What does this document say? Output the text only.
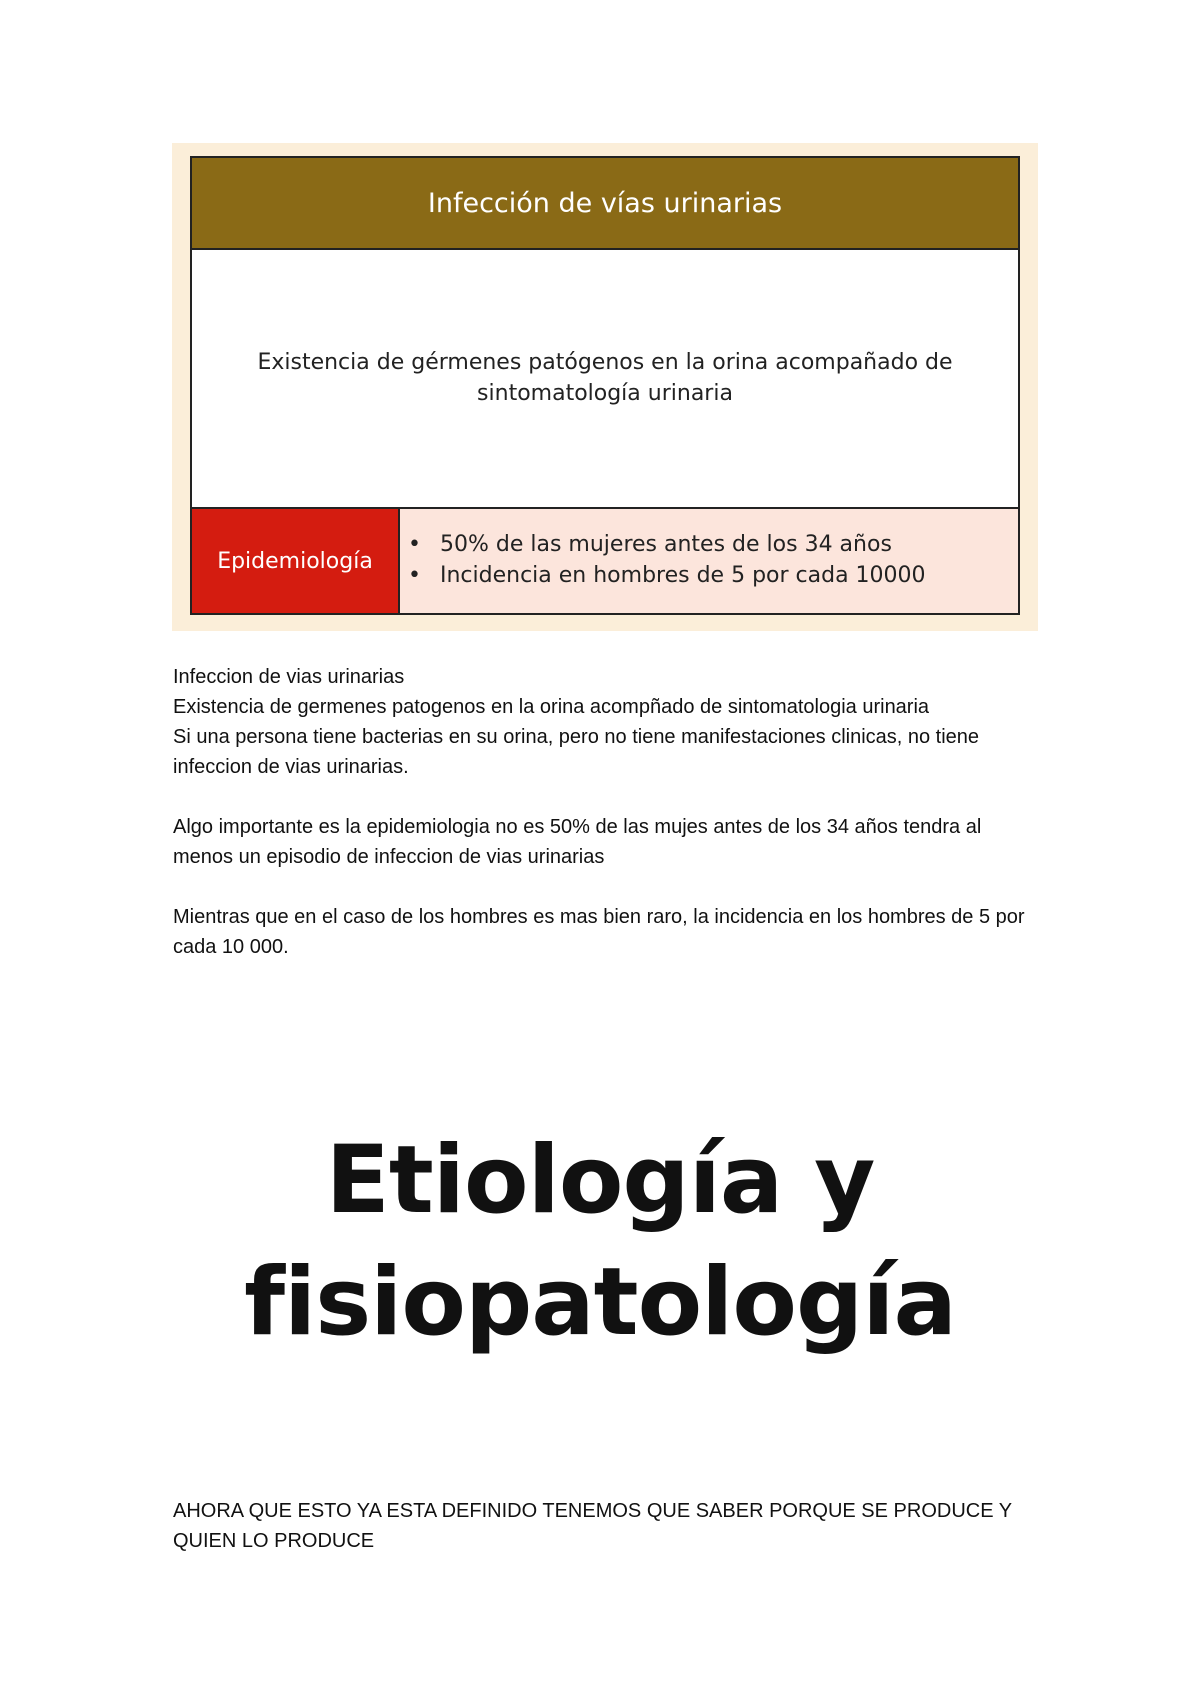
Infección de vías urinarias
Existencia de gérmenes patógenos en la orina acompañado de
sintomatología urinaria
Epidemiología
• 50% de las mujeres antes de los 34 años
• Incidencia en hombres de 5 por cada 10000

Infeccion de vias urinarias

Existencia de germenes patogenos en la orina acompñado de sintomatologia urinaria

Si una persona tiene bacterias en su orina, pero no tiene manifestaciones clinicas, no tiene infeccion de vias urinarias.

Algo importante es la epidemiologia no es 50% de las mujes antes de los 34 años tendra al menos un episodio de infeccion de vias urinarias

Mientras que en el caso de los hombres es mas bien raro, la incidencia en los hombres de 5 por cada 10 000.

Etiología y
fisiopatología
AHORA QUE ESTO YA ESTA DEFINIDO TENEMOS QUE SABER PORQUE SE PRODUCE Y QUIEN LO PRODUCE
